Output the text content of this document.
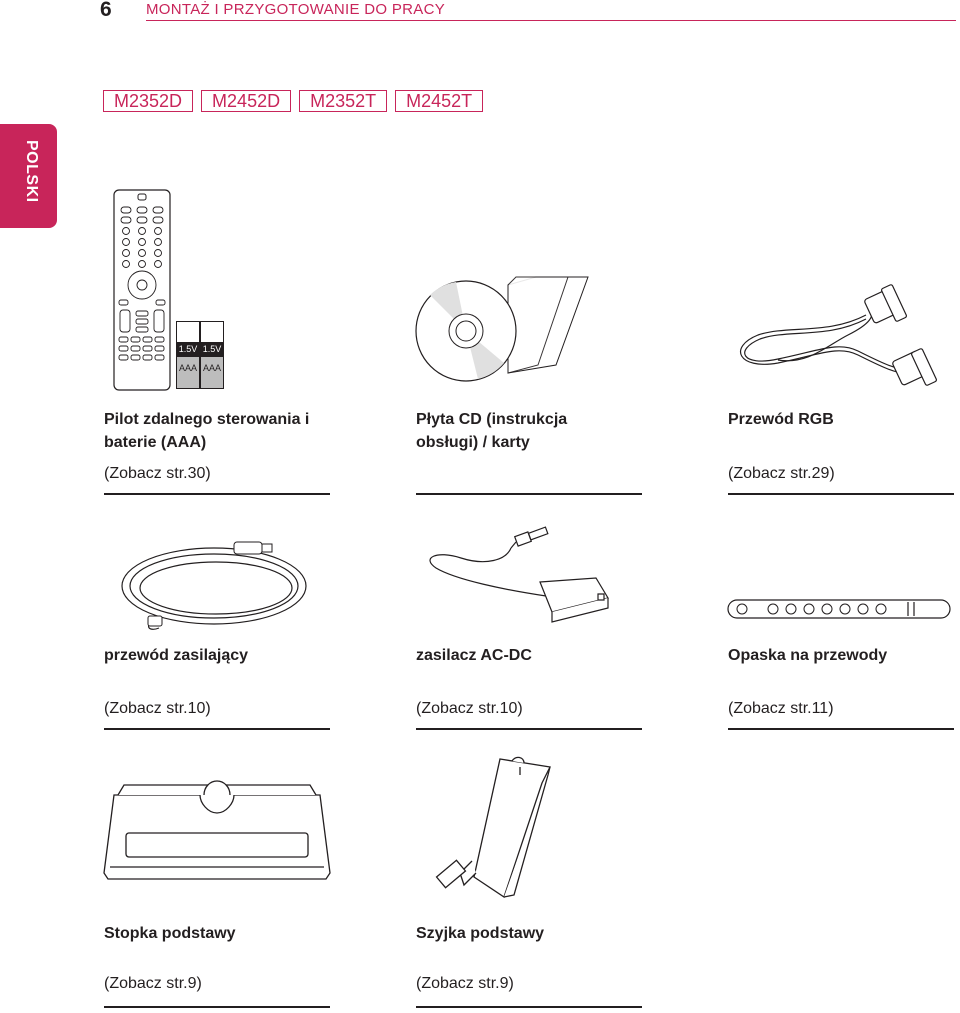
6 MONTAŻ I PRZYGOTOWANIE DO PRACY
M2352D	M2452D	M2352T	M2452T
POLSKI
1.5V
AAA
1.5V
AAA
Pilot zdalnego sterowania i baterie (AAA)
(Zobacz str.30)
Płyta CD (instrukcja obsługi) / karty
Przewód RGB
(Zobacz str.29)
przewód zasilający
(Zobacz str.10)
zasilacz AC-DC
(Zobacz str.10)
Opaska na przewody
(Zobacz str.11)
Stopka podstawy
(Zobacz str.9)
Szyjka podstawy
(Zobacz str.9)
